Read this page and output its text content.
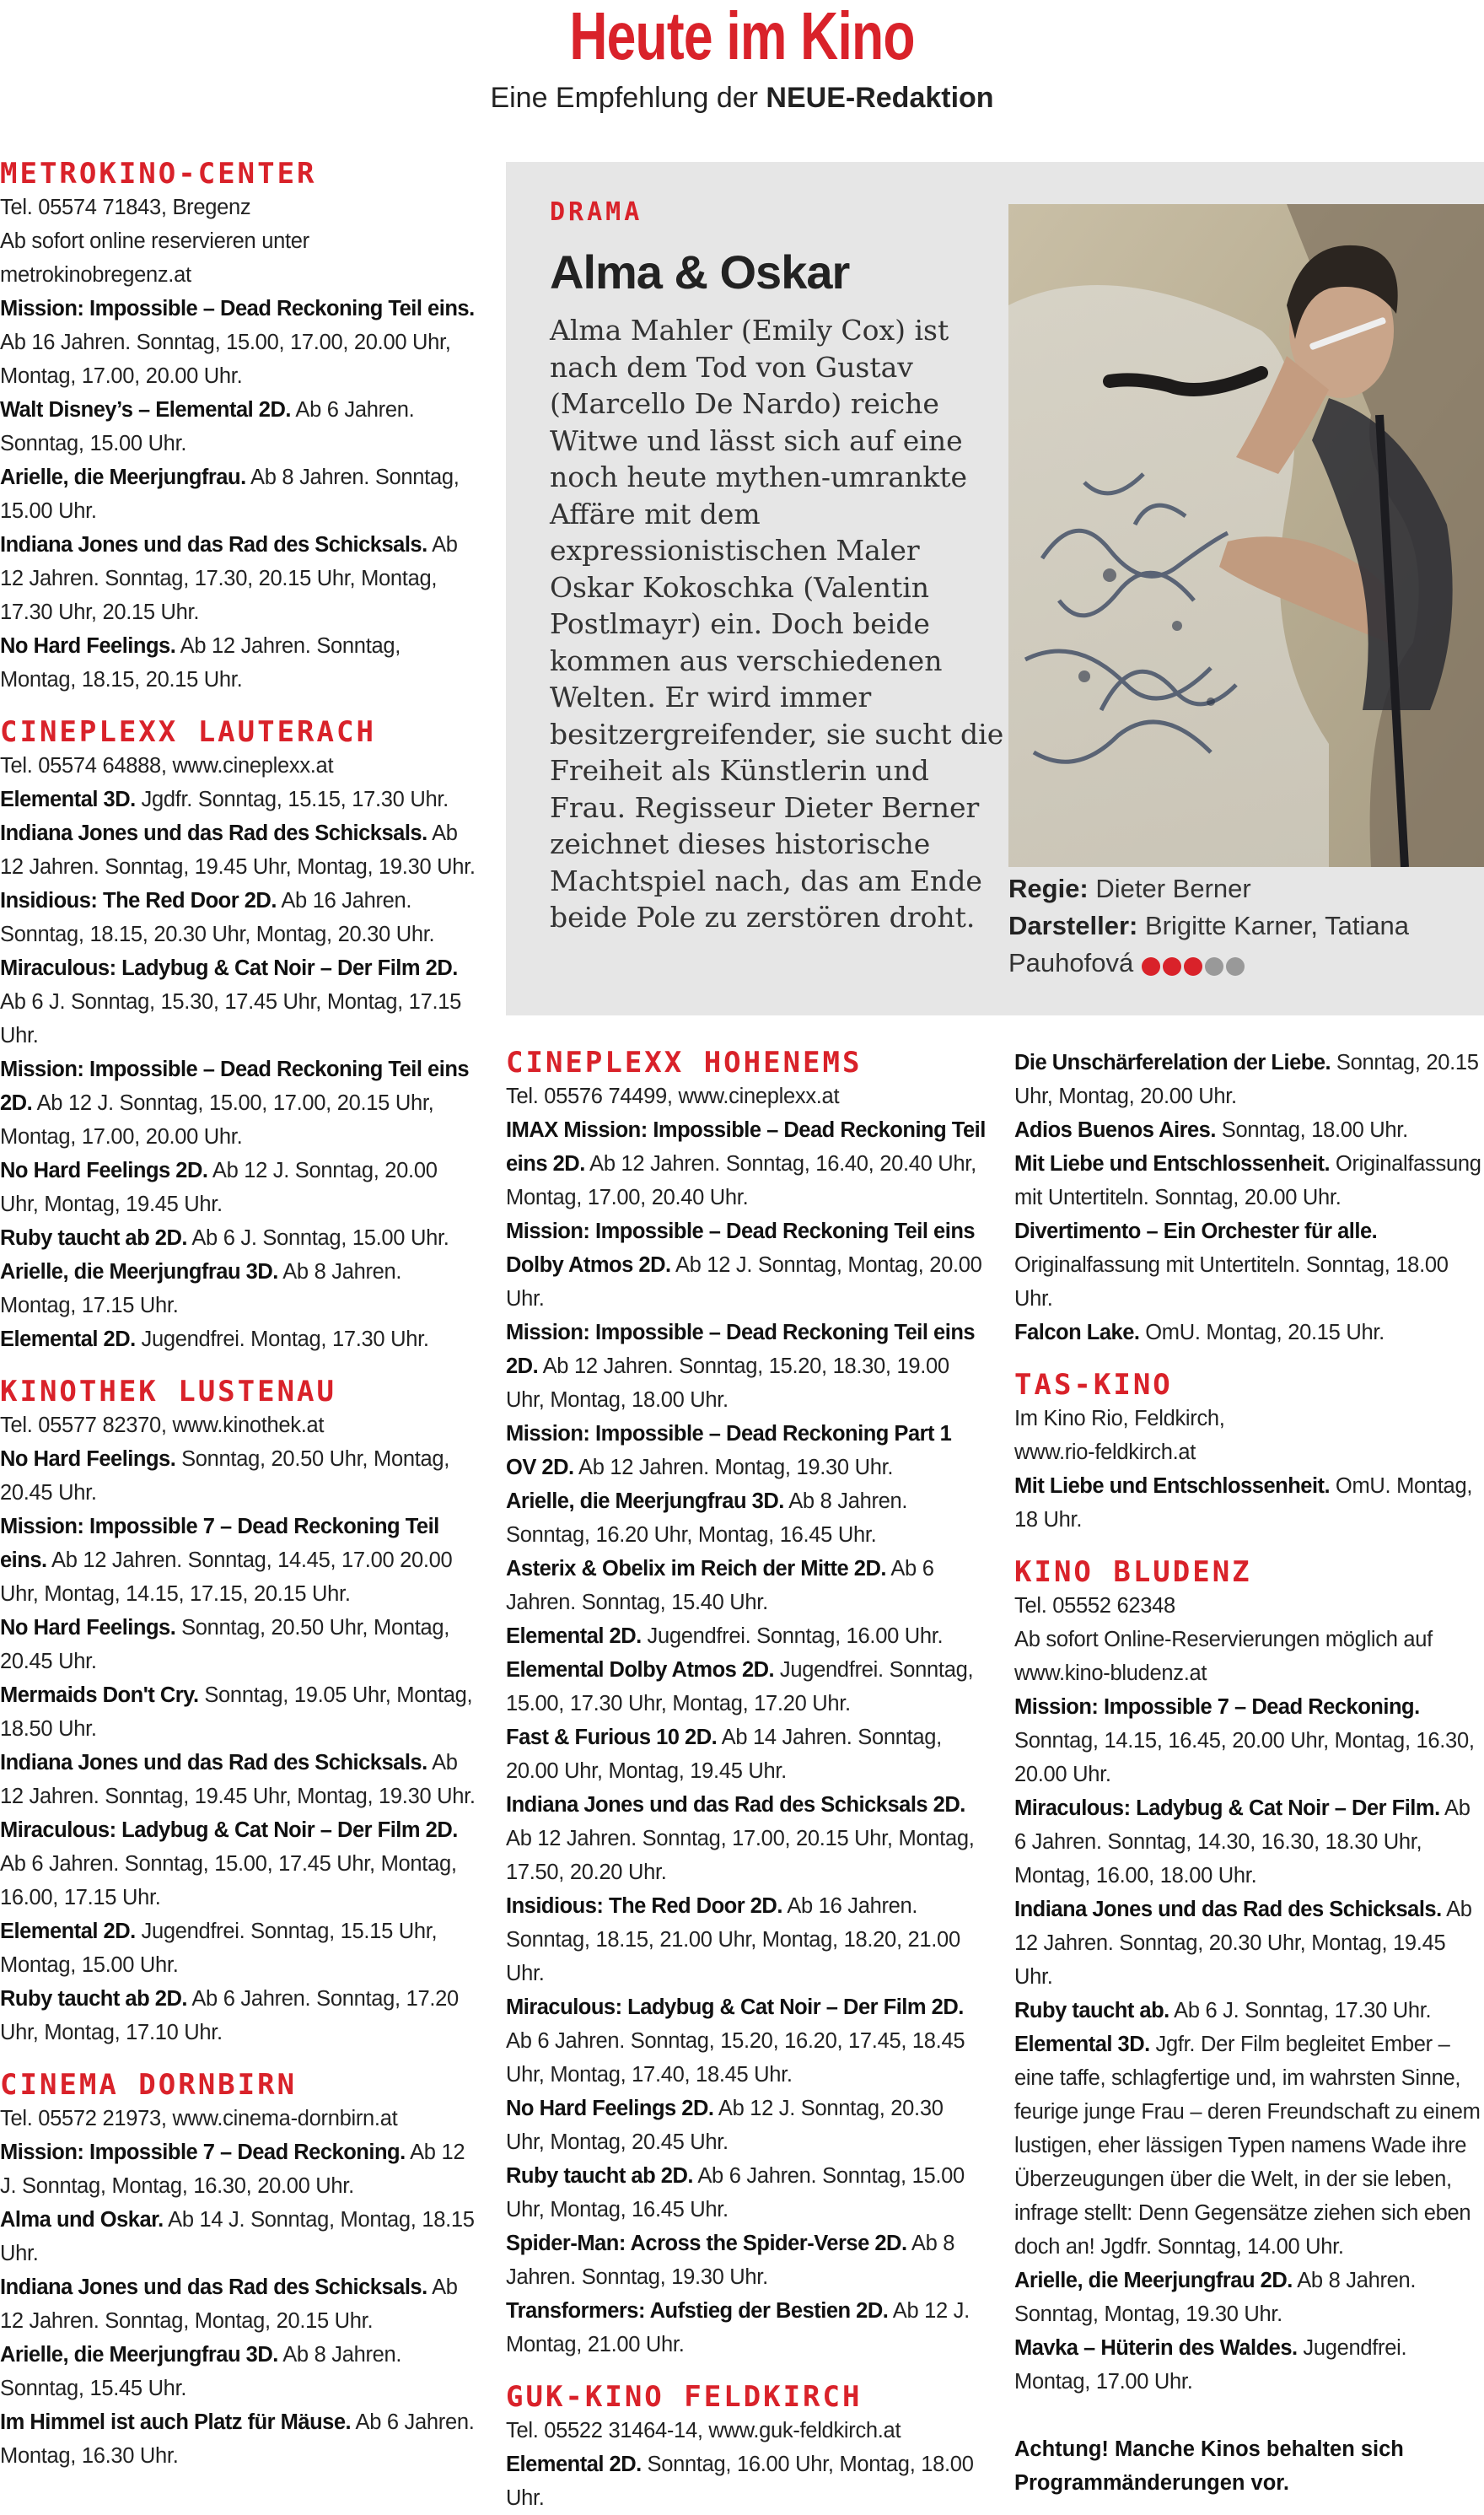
Heute im Kino
Eine Empfehlung der NEUE-Redaktion
METROKINO-CENTER
Tel. 05574 71843, Bregenz
Ab sofort online reservieren unter metrokinobregenz.at
Mission: Impossible – Dead Reckoning Teil eins. Ab 16 Jahren. Sonntag, 15.00, 17.00, 20.00 Uhr, Montag, 17.00, 20.00 Uhr.
Walt Disney’s – Elemental 2D. Ab 6 Jahren. Sonntag, 15.00 Uhr.
Arielle, die Meerjungfrau. Ab 8 Jahren. Sonntag, 15.00 Uhr.
Indiana Jones und das Rad des Schicksals. Ab 12 Jahren. Sonntag, 17.30, 20.15 Uhr, Montag, 17.30 Uhr, 20.15 Uhr.
No Hard Feelings. Ab 12 Jahren. Sonntag, Montag, 18.15, 20.15 Uhr.
CINEPLEXX LAUTERACH
Tel. 05574 64888, www.cineplexx.at
Elemental 3D. Jgdfr. Sonntag, 15.15, 17.30 Uhr.
Indiana Jones und das Rad des Schicksals. Ab 12 Jahren. Sonntag, 19.45 Uhr, Montag, 19.30 Uhr.
Insidious: The Red Door 2D. Ab 16 Jahren. Sonntag, 18.15, 20.30 Uhr, Montag, 20.30 Uhr.
Miraculous: Ladybug & Cat Noir – Der Film 2D. Ab 6 J. Sonntag, 15.30, 17.45 Uhr, Montag, 17.15 Uhr.
Mission: Impossible – Dead Reckoning Teil eins 2D. Ab 12 J. Sonntag, 15.00, 17.00, 20.15 Uhr, Montag, 17.00, 20.00 Uhr.
No Hard Feelings 2D. Ab 12 J. Sonntag, 20.00 Uhr, Montag, 19.45 Uhr.
Ruby taucht ab 2D. Ab 6 J. Sonntag, 15.00 Uhr.
Arielle, die Meerjungfrau 3D. Ab 8 Jahren. Montag, 17.15 Uhr.
Elemental 2D. Jugendfrei. Montag, 17.30 Uhr.
KINOTHEK LUSTENAU
Tel. 05577 82370, www.kinothek.at
No Hard Feelings. Sonntag, 20.50 Uhr, Montag, 20.45 Uhr.
Mission: Impossible 7 – Dead Reckoning Teil eins. Ab 12 Jahren. Sonntag, 14.45, 17.00 20.00 Uhr, Montag, 14.15, 17.15, 20.15 Uhr.
No Hard Feelings. Sonntag, 20.50 Uhr, Montag, 20.45 Uhr.
Mermaids Don't Cry. Sonntag, 19.05 Uhr, Montag, 18.50 Uhr.
Indiana Jones und das Rad des Schicksals. Ab 12 Jahren. Sonntag, 19.45 Uhr, Montag, 19.30 Uhr.
Miraculous: Ladybug & Cat Noir – Der Film 2D. Ab 6 Jahren. Sonntag, 15.00, 17.45 Uhr, Montag, 16.00, 17.15 Uhr.
Elemental 2D. Jugendfrei. Sonntag, 15.15 Uhr, Montag, 15.00 Uhr.
Ruby taucht ab 2D. Ab 6 Jahren. Sonntag, 17.20 Uhr, Montag, 17.10 Uhr.
CINEMA DORNBIRN
Tel. 05572 21973, www.cinema-dornbirn.at
Mission: Impossible 7 – Dead Reckoning. Ab 12 J. Sonntag, Montag, 16.30, 20.00 Uhr.
Alma und Oskar. Ab 14 J. Sonntag, Montag, 18.15 Uhr.
Indiana Jones und das Rad des Schicksals. Ab 12 Jahren. Sonntag, Montag, 20.15 Uhr.
Arielle, die Meerjungfrau 3D. Ab 8 Jahren. Sonntag, 15.45 Uhr.
Im Himmel ist auch Platz für Mäuse. Ab 6 Jahren. Montag, 16.30 Uhr.
DRAMA
Alma & Oskar
Alma Mahler (Emily Cox) ist nach dem Tod von Gustav (Marcello De Nardo) reiche Witwe und lässt sich auf eine noch heute mythen-umrankte Affäre mit dem expressionistischen Maler Oskar Kokoschka (Valentin Postlmayr) ein. Doch beide kommen aus verschiedenen Welten. Er wird immer besitzergreifender, sie sucht die Freiheit als Künstlerin und Frau. Regisseur Dieter Berner zeichnet dieses historische Machtspiel nach, das am Ende beide Pole zu zerstören droht.
Regie: Dieter Berner
Darsteller: Brigitte Karner, Tatiana Pauhofová
CINEPLEXX HOHENEMS
Tel. 05576 74499, www.cineplexx.at
IMAX Mission: Impossible – Dead Reckoning Teil eins 2D. Ab 12 Jahren. Sonntag, 16.40, 20.40 Uhr, Montag, 17.00, 20.40 Uhr.
Mission: Impossible – Dead Reckoning Teil eins Dolby Atmos 2D. Ab 12 J. Sonntag, Montag, 20.00 Uhr.
Mission: Impossible – Dead Reckoning Teil eins 2D. Ab 12 Jahren. Sonntag, 15.20, 18.30, 19.00 Uhr, Montag, 18.00 Uhr.
Mission: Impossible – Dead Reckoning Part 1 OV 2D. Ab 12 Jahren. Montag, 19.30 Uhr.
Arielle, die Meerjungfrau 3D. Ab 8 Jahren. Sonntag, 16.20 Uhr, Montag, 16.45 Uhr.
Asterix & Obelix im Reich der Mitte 2D. Ab 6 Jahren. Sonntag, 15.40 Uhr.
Elemental 2D. Jugendfrei. Sonntag, 16.00 Uhr.
Elemental Dolby Atmos 2D. Jugendfrei. Sonntag, 15.00, 17.30 Uhr, Montag, 17.20 Uhr.
Fast & Furious 10 2D. Ab 14 Jahren. Sonntag, 20.00 Uhr, Montag, 19.45 Uhr.
Indiana Jones und das Rad des Schicksals 2D. Ab 12 Jahren. Sonntag, 17.00, 20.15 Uhr, Montag, 17.50, 20.20 Uhr.
Insidious: The Red Door 2D. Ab 16 Jahren. Sonntag, 18.15, 21.00 Uhr, Montag, 18.20, 21.00 Uhr.
Miraculous: Ladybug & Cat Noir – Der Film 2D. Ab 6 Jahren. Sonntag, 15.20, 16.20, 17.45, 18.45 Uhr, Montag, 17.40, 18.45 Uhr.
No Hard Feelings 2D. Ab 12 J. Sonntag, 20.30 Uhr, Montag, 20.45 Uhr.
Ruby taucht ab 2D. Ab 6 Jahren. Sonntag, 15.00 Uhr, Montag, 16.45 Uhr.
Spider-Man: Across the Spider-Verse 2D. Ab 8 Jahren. Sonntag, 19.30 Uhr.
Transformers: Aufstieg der Bestien 2D. Ab 12 J. Montag, 21.00 Uhr.
GUK-KINO FELDKIRCH
Tel. 05522 31464-14, www.guk-feldkirch.at
Elemental 2D. Sonntag, 16.00 Uhr, Montag, 18.00 Uhr.
Die Unschärferelation der Liebe. Sonntag, 20.15 Uhr, Montag, 20.00 Uhr.
Adios Buenos Aires. Sonntag, 18.00 Uhr.
Mit Liebe und Entschlossenheit. Originalfassung mit Untertiteln. Sonntag, 20.00 Uhr.
Divertimento – Ein Orchester für alle. Originalfassung mit Untertiteln. Sonntag, 18.00 Uhr.
Falcon Lake. OmU. Montag, 20.15 Uhr.
TAS-KINO
Im Kino Rio, Feldkirch,
www.rio-feldkirch.at
Mit Liebe und Entschlossenheit. OmU. Montag, 18 Uhr.
KINO BLUDENZ
Tel. 05552 62348
Ab sofort Online-Reservierungen möglich auf www.kino-bludenz.at
Mission: Impossible 7 – Dead Reckoning. Sonntag, 14.15, 16.45, 20.00 Uhr, Montag, 16.30, 20.00 Uhr.
Miraculous: Ladybug & Cat Noir – Der Film. Ab 6 Jahren. Sonntag, 14.30, 16.30, 18.30 Uhr, Montag, 16.00, 18.00 Uhr.
Indiana Jones und das Rad des Schicksals. Ab 12 Jahren. Sonntag, 20.30 Uhr, Montag, 19.45 Uhr.
Ruby taucht ab. Ab 6 J. Sonntag, 17.30 Uhr.
Elemental 3D. Jgfr. Der Film begleitet Ember – eine taffe, schlagfertige und, im wahrsten Sinne, feurige junge Frau – deren Freundschaft zu einem lustigen, eher lässigen Typen namens Wade ihre Überzeugungen über die Welt, in der sie leben, infrage stellt: Denn Gegensätze ziehen sich eben doch an! Jgdfr. Sonntag, 14.00 Uhr.
Arielle, die Meerjungfrau 2D. Ab 8 Jahren. Sonntag, Montag, 19.30 Uhr.
Mavka – Hüterin des Waldes. Jugendfrei. Montag, 17.00 Uhr.
Achtung! Manche Kinos behalten sich Programmänderungen vor.
